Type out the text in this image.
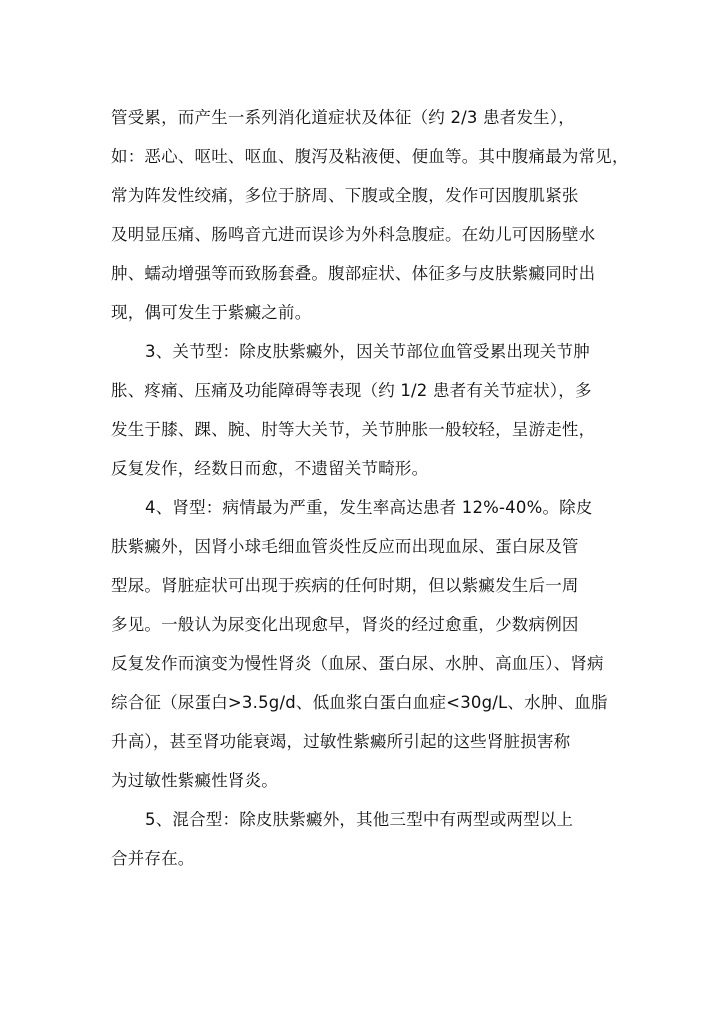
管受累，而产生一系列消化道症状及体征（约 2/3 患者发生），
如：恶心、呕吐、呕血、腹泻及粘液便、便血等。其中腹痛最为常见，
常为阵发性绞痛，多位于脐周、下腹或全腹，发作可因腹肌紧张
及明显压痛、肠鸣音亢进而误诊为外科急腹症。在幼儿可因肠壁水
肿、蠕动增强等而致肠套叠。腹部症状、体征多与皮肤紫癜同时出
现，偶可发生于紫癜之前。
3、关节型：除皮肤紫癜外，因关节部位血管受累出现关节肿
胀、疼痛、压痛及功能障碍等表现（约 1/2 患者有关节症状），多
发生于膝、踝、腕、肘等大关节，关节肿胀一般较轻，呈游走性，
反复发作，经数日而愈，不遗留关节畸形。
4、肾型：病情最为严重，发生率高达患者 12%-40%。除皮
肤紫癜外，因肾小球毛细血管炎性反应而出现血尿、蛋白尿及管
型尿。肾脏症状可出现于疾病的任何时期，但以紫癜发生后一周
多见。一般认为尿变化出现愈早，肾炎的经过愈重，少数病例因
反复发作而演变为慢性肾炎（血尿、蛋白尿、水肿、高血压）、肾病
综合征（尿蛋白>3.5g/d、低血浆白蛋白血症<30g/L、水肿、血脂
升高），甚至肾功能衰竭，过敏性紫癜所引起的这些肾脏损害称
为过敏性紫癜性肾炎。
5、混合型：除皮肤紫癜外，其他三型中有两型或两型以上
合并存在。
